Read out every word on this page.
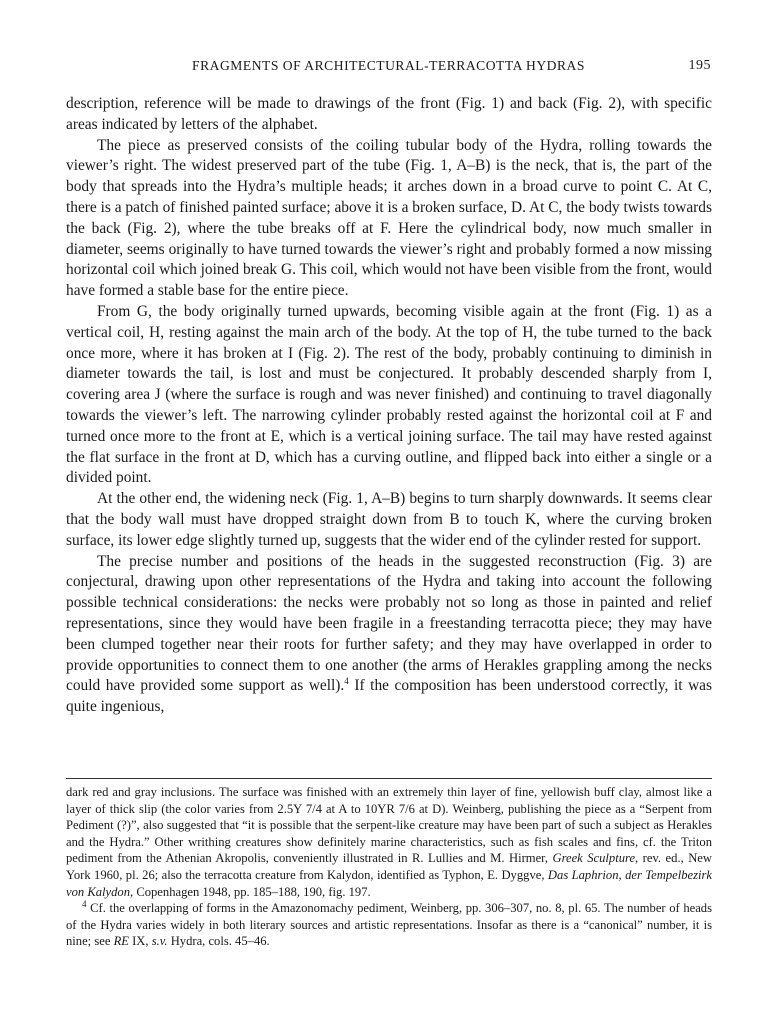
FRAGMENTS OF ARCHITECTURAL-TERRACOTTA HYDRAS	195

description, reference will be made to drawings of the front (Fig. 1) and back (Fig. 2), with specific areas indicated by letters of the alphabet.

The piece as preserved consists of the coiling tubular body of the Hydra, rolling towards the viewer’s right. The widest preserved part of the tube (Fig. 1, A–B) is the neck, that is, the part of the body that spreads into the Hydra’s multiple heads; it arches down in a broad curve to point C. At C, there is a patch of finished painted surface; above it is a broken surface, D. At C, the body twists towards the back (Fig. 2), where the tube breaks off at F. Here the cylindrical body, now much smaller in diameter, seems originally to have turned towards the viewer’s right and probably formed a now missing horizontal coil which joined break G. This coil, which would not have been visible from the front, would have formed a stable base for the entire piece.

From G, the body originally turned upwards, becoming visible again at the front (Fig. 1) as a vertical coil, H, resting against the main arch of the body. At the top of H, the tube turned to the back once more, where it has broken at I (Fig. 2). The rest of the body, probably continuing to diminish in diameter towards the tail, is lost and must be conjectured. It probably descended sharply from I, covering area J (where the surface is rough and was never finished) and continuing to travel diagonally towards the viewer’s left. The narrowing cylinder probably rested against the horizontal coil at F and turned once more to the front at E, which is a vertical joining surface. The tail may have rested against the flat surface in the front at D, which has a curving outline, and flipped back into either a single or a divided point.

At the other end, the widening neck (Fig. 1, A–B) begins to turn sharply downwards. It seems clear that the body wall must have dropped straight down from B to touch K, where the curving broken surface, its lower edge slightly turned up, suggests that the wider end of the cylinder rested for support.

The precise number and positions of the heads in the suggested reconstruction (Fig. 3) are conjectural, drawing upon other representations of the Hydra and taking into account the following possible technical considerations: the necks were probably not so long as those in painted and relief representations, since they would have been fragile in a freestanding terracotta piece; they may have been clumped together near their roots for further safety; and they may have overlapped in order to provide opportunities to connect them to one another (the arms of Herakles grappling among the necks could have provided some support as well).$^4$ If the composition has been understood correctly, it was quite ingenious,

dark red and gray inclusions. The surface was finished with an extremely thin layer of fine, yellowish buff clay, almost like a layer of thick slip (the color varies from 2.5Y 7/4 at A to 10YR 7/6 at D). Weinberg, publishing the piece as a “Serpent from Pediment (?)”, also suggested that “it is possible that the serpent-like creature may have been part of such a subject as Herakles and the Hydra.” Other writhing creatures show definitely marine characteristics, such as fish scales and fins, cf. the Triton pediment from the Athenian Akropolis, conveniently illustrated in R. Lullies and M. Hirmer, Greek Sculpture, rev. ed., New York 1960, pl. 26; also the terracotta creature from Kalydon, identified as Typhon, E. Dyggve, Das Laphrion, der Tempelbezirk von Kalydon, Copenhagen 1948, pp. 185–188, 190, fig. 197.

$^4$ Cf. the overlapping of forms in the Amazonomachy pediment, Weinberg, pp. 306–307, no. 8, pl. 65. The number of heads of the Hydra varies widely in both literary sources and artistic representations. Insofar as there is a “canonical” number, it is nine; see RE IX, s.v. Hydra, cols. 45–46.
